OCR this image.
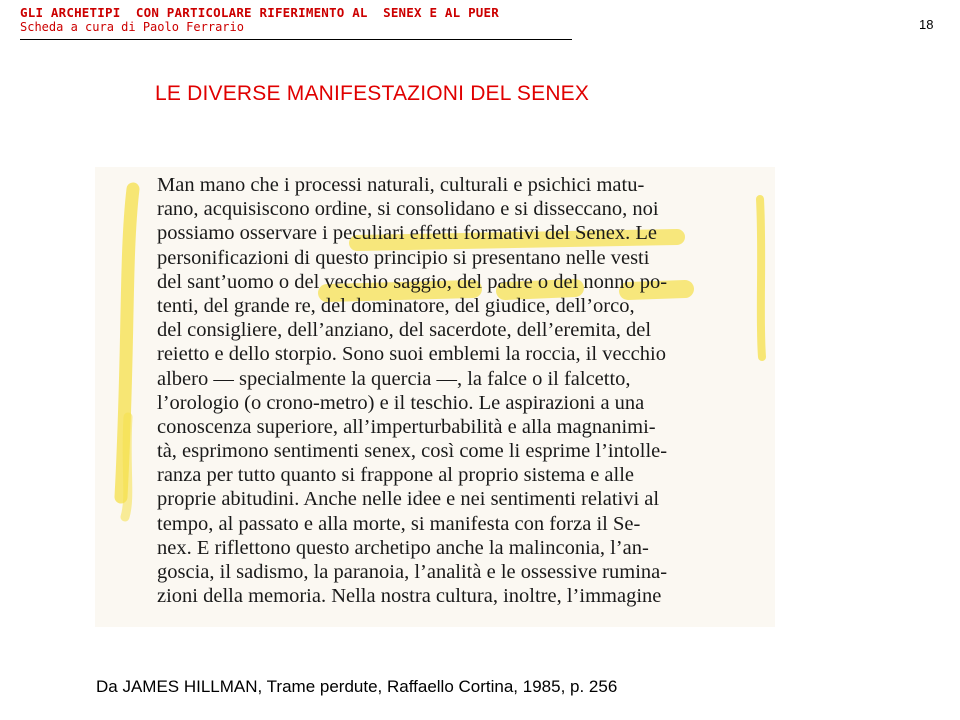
GLI ARCHETIPI  CON PARTICOLARE RIFERIMENTO AL  SENEX E AL PUER
Scheda a cura di Paolo Ferrario	18
LE DIVERSE MANIFESTAZIONI DEL SENEX
Man mano che i processi naturali, culturali e psichici matu-
rano, acquisiscono ordine, si consolidano e si disseccano, noi
possiamo osservare i peculiari effetti formativi del Senex. Le
personificazioni di questo principio si presentano nelle vesti
del sant’uomo o del vecchio saggio, del padre o del nonno po-
tenti, del grande re, del dominatore, del giudice, dell’orco,
del consigliere, dell’anziano, del sacerdote, dell’eremita, del
reietto e dello storpio. Sono suoi emblemi la roccia, il vecchio
albero — specialmente la quercia —, la falce o il falcetto,
l’orologio (o crono-metro) e il teschio. Le aspirazioni a una
conoscenza superiore, all’imperturbabilità e alla magnanimi-
tà, esprimono sentimenti senex, così come li esprime l’intolle-
ranza per tutto quanto si frappone al proprio sistema e alle
proprie abitudini. Anche nelle idee e nei sentimenti relativi al
tempo, al passato e alla morte, si manifesta con forza il Se-
nex. E riflettono questo archetipo anche la malinconia, l’an-
goscia, il sadismo, la paranoia, l’analità e le ossessive rumina-
zioni della memoria. Nella nostra cultura, inoltre, l’immagine
Da JAMES HILLMAN, Trame perdute, Raffaello Cortina, 1985, p. 256
